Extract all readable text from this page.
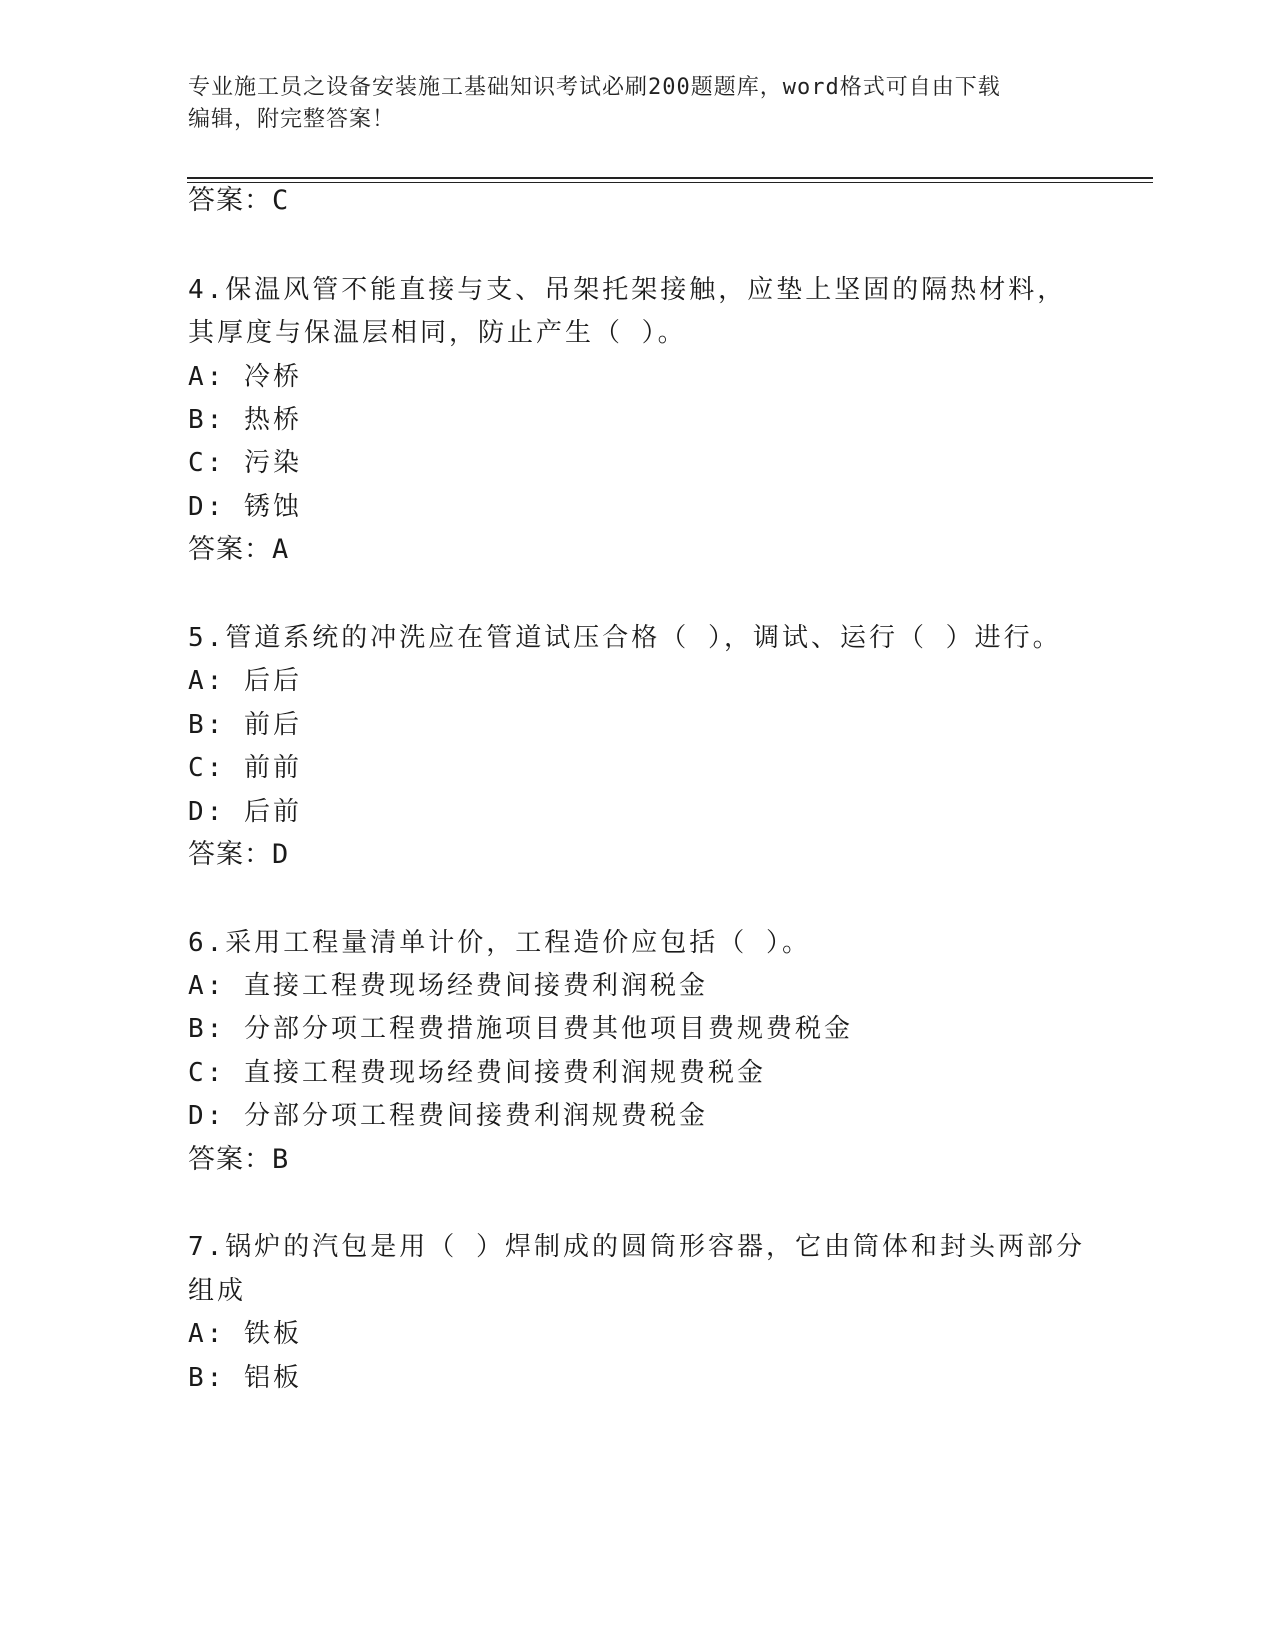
专业施工员之设备安装施工基础知识考试必刷200题题库，word格式可自由下载
编辑，附完整答案！
答案：C
4.保温风管不能直接与支、吊架托架接触，应垫上坚固的隔热材料，
其厚度与保温层相同，防止产生（ ）。
A: 冷桥
B: 热桥
C: 污染
D: 锈蚀
答案：A
5.管道系统的冲洗应在管道试压合格（ ），调试、运行（ ）进行。
A: 后后
B: 前后
C: 前前
D: 后前
答案：D
6.采用工程量清单计价，工程造价应包括（ ）。
A: 直接工程费现场经费间接费利润税金
B: 分部分项工程费措施项目费其他项目费规费税金
C: 直接工程费现场经费间接费利润规费税金
D: 分部分项工程费间接费利润规费税金
答案：B
7.锅炉的汽包是用（ ）焊制成的圆筒形容器，它由筒体和封头两部分
组成
A: 铁板
B: 铝板
